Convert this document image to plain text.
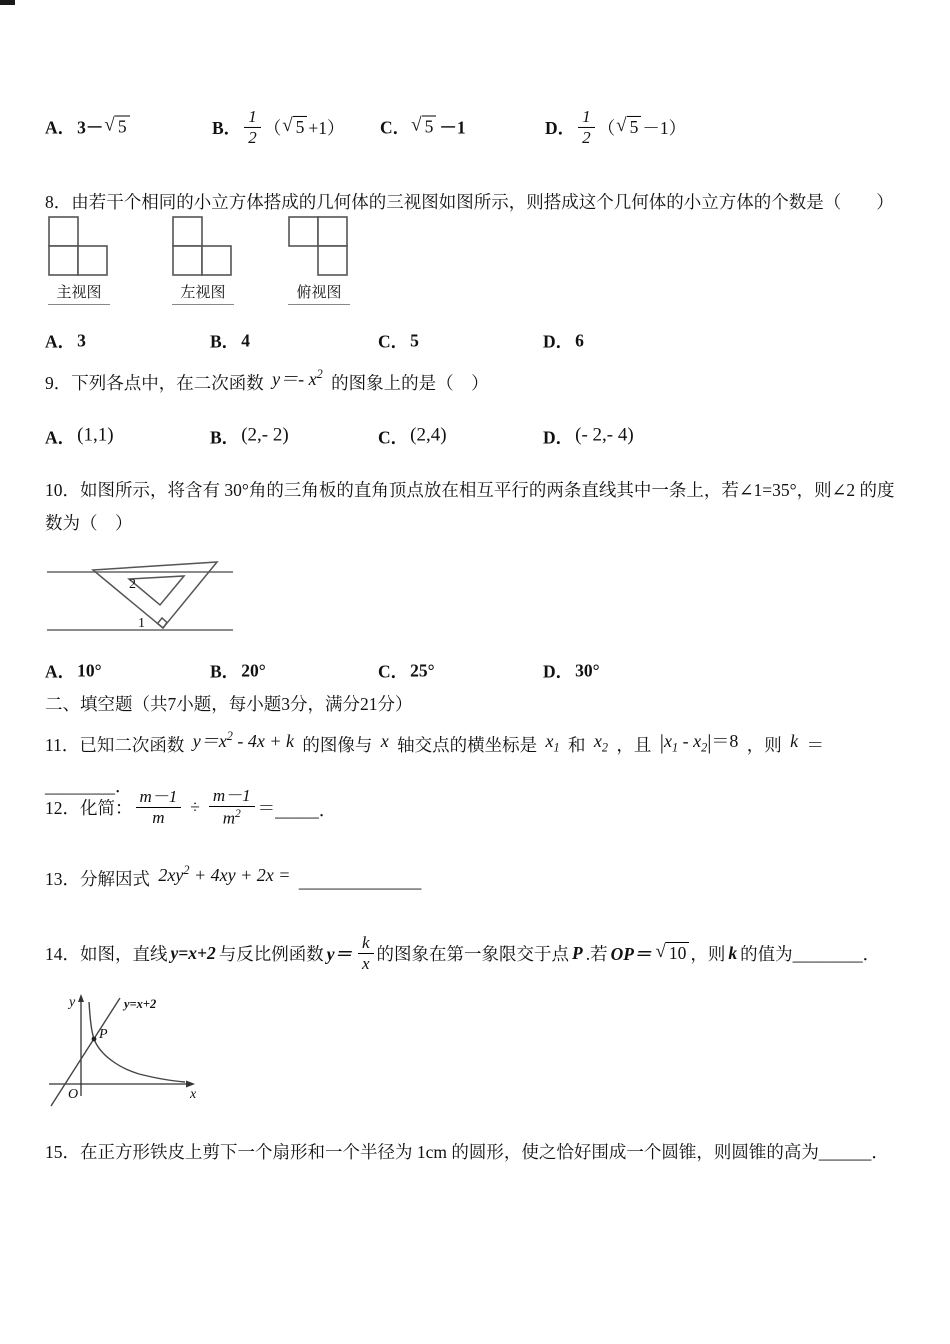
A． 3－ √ 5	B． $\frac{1}{2}$ （ √ 5 +1） C． √ 5 －1	D． $\frac{1}{2}$ （ √ 5 －1）
8．由若干个相同的小立方体搭成的几何体的三视图如图所示，则搭成这个几何体的小立方体的个数是（　　）
主视图	左视图	俯视图
A． 3	B． 4	C． 5	D． 6
9．下列各点中，在二次函数 y＝- $x^2$ 的图象上的是（　）
A． (1,1)	B． (2,- 2)	C． (2,4)	D． (- 2,- 4)
10．如图所示，将含有 30°角的三角板的直角顶点放在相互平行的两条直线其中一条上，若∠1=35°，则∠2 的度数为（　）
2
1
A． 10°	B． 20°	C． 25°	D． 30°
二、填空题（共7小题，每小题3分，满分21分）
11．已知二次函数 $y=x^2 - 4x + k$ 的图像与 x 轴交点的横坐标是 $x_1$ 和 $x_2$ ，且 $|x_1 - x_2|=8$ ，则 k ＝________．
12．化简： $\frac{m-1}{m} \div \frac{m-1}{m^2}$ ＝ _____．
13．分解因式 $2xy^2 + 4xy + 2x$ = ______________
14．如图，直线 y=x+2 与反比例函数 $y= \frac{k}{x}$ 的图象在第一象限交于点 P .若 OP＝ √ 10 ，则 k 的值为________．
P
y
x
O
y=x+2
15．在正方形铁皮上剪下一个扇形和一个半径为 1cm 的圆形，使之恰好围成一个圆锥，则圆锥的高为______．
